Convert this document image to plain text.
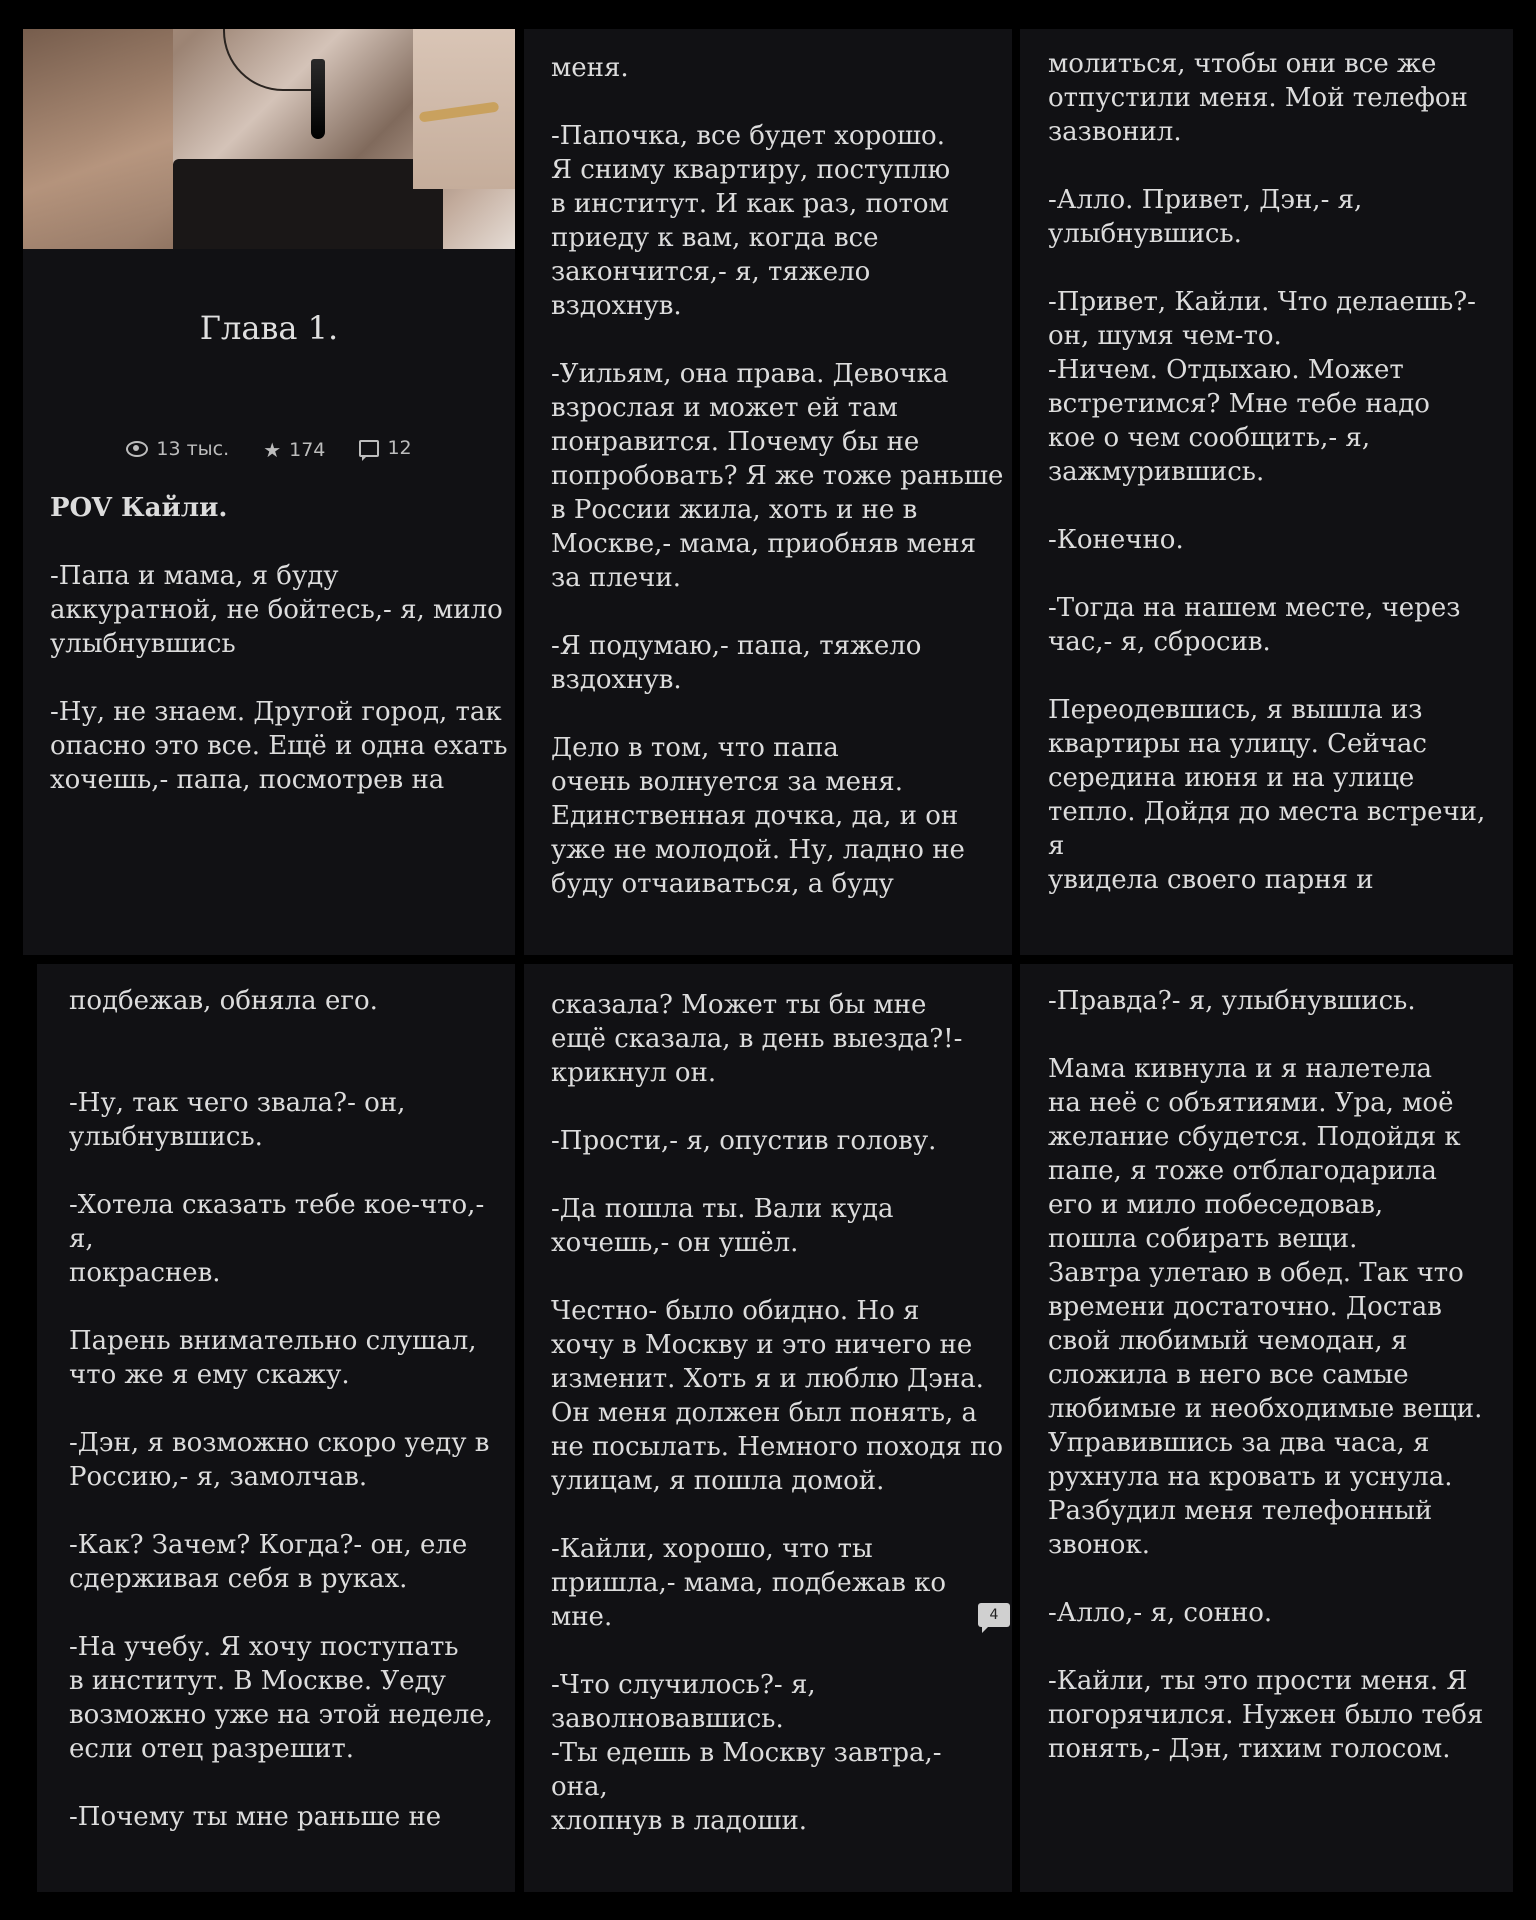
Глава 1.
13 тыс.
★ 174
	12
POV Кайли.
-Папа и мама, я буду
аккуратной, не бойтесь,- я, мило
улыбнувшись

-Ну, не знаем. Другой город, так
опасно это все. Ещё и одна ехать
хочешь,- папа, посмотрев на
меня.

-Папочка, все будет хорошо.
Я сниму квартиру, поступлю
в институт. И как раз, потом
приеду к вам, когда все
закончится,- я, тяжело вздохнув.

-Уильям, она права. Девочка
взрослая и может ей там
понравится. Почему бы не
попробовать? Я же тоже раньше
в России жила, хоть и не в
Москве,- мама, приобняв меня
за плечи.

-Я подумаю,- папа, тяжело
вздохнув.

Дело в том, что папа
очень волнуется за меня.
Единственная дочка, да, и он
уже не молодой. Ну, ладно не
буду отчаиваться, а буду
молиться, чтобы они все же
отпустили меня. Мой телефон
зазвонил.

-Алло. Привет, Дэн,- я,
улыбнувшись.

-Привет, Кайли. Что делаешь?-
он, шумя чем-то.
-Ничем. Отдыхаю. Может
встретимся? Мне тебе надо
кое о чем сообщить,- я,
зажмурившись.

-Конечно.

-Тогда на нашем месте, через
час,- я, сбросив.

Переодевшись, я вышла из
квартиры на улицу. Сейчас
середина июня и на улице
тепло. Дойдя до места встречи, я
увидела своего парня и
подбежав, обняла его.

-Ну, так чего звала?- он,
улыбнувшись.

-Хотела сказать тебе кое-что,- я,
покраснев.

Парень внимательно слушал,
что же я ему скажу.

-Дэн, я возможно скоро уеду в
Россию,- я, замолчав.

-Как? Зачем? Когда?- он, еле
сдерживая себя в руках.

-На учебу. Я хочу поступать
в институт. В Москве. Уеду
возможно уже на этой неделе,
если отец разрешит.

-Почему ты мне раньше не
сказала? Может ты бы мне
ещё сказала, в день выезда?!-
крикнул он.

-Прости,- я, опустив голову.

-Да пошла ты. Вали куда
хочешь,- он ушёл.

Честно- было обидно. Но я
хочу в Москву и это ничего не
изменит. Хоть я и люблю Дэна.
Он меня должен был понять, а
не посылать. Немного походя по
улицам, я пошла домой.

-Кайли, хорошо, что ты
пришла,- мама, подбежав ко
мне.

-Что случилось?- я,
заволновавшись.
-Ты едешь в Москву завтра,- она,
хлопнув в ладоши.
-Правда?- я, улыбнувшись.

Мама кивнула и я налетела
на неё с объятиями. Ура, моё
желание сбудется. Подойдя к
папе, я тоже отблагодарила
его и мило побеседовав,
пошла собирать вещи.
Завтра улетаю в обед. Так что
времени достаточно. Достав
свой любимый чемодан, я
сложила в него все самые
любимые и необходимые вещи.
Управившись за два часа, я
рухнула на кровать и уснула.
Разбудил меня телефонный
звонок.

-Алло,- я, сонно.

-Кайли, ты это прости меня. Я
погорячился. Нужен было тебя
понять,- Дэн, тихим голосом.
4
